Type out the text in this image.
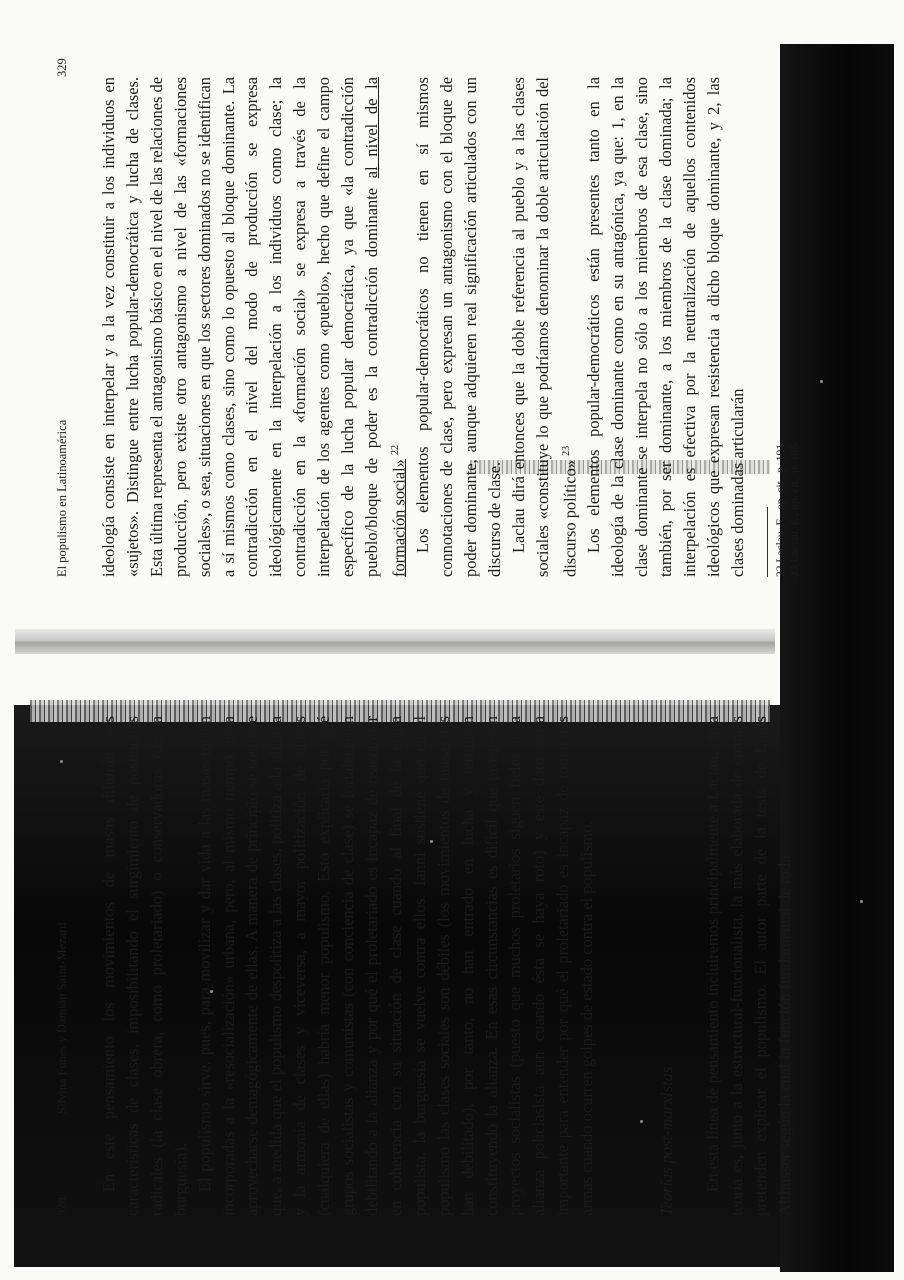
328
Silvina Funes y Damián Saint-Mezard En este pensamiento los movimientos de masas diluirán sus características de clases, imposibilitando el surgimiento de posiciones radicales (la clase obrera, como proletariado) o conservadoras (de la burguesía). El populismo sirve, pues, para movilizar y dar vida a las masas recién incorporadas a la «resocialización» urbana, pero, al mismo tiempo, para aprovecharse demagógicamente de ellas. A manera de principio se sostiene que, a medida que el populismo despolitiza a las clases, politiza a la alianza y la armonía de clases y viceversa, a mayor politización de clases (cualquiera de ellas) habría menor populismo. Esto explicaría por qué grupos socialistas y comunistas (con conciencia de clase) se fortalecerían debilitando a la alianza y por qué el proletariado es incapaz de reaccionar en coherencia con su situación de clase cuando al final de la etapa populista, la burguesía se vuelve contra ellos. Ianni sostiene que en el populismo las clases sociales son débiles (los movimientos de masas las han debilitado), por tanto, no han entrado en lucha y terminan constituyendo la alianza. En esas circunstancias es difícil que prosperen proyectos socialistas (puesto que muchos proletarios siguen fieles a la alianza policlasista aun cuando ésta se haya roto) y este dato sería importante para entender por qué el proletariado es incapaz de tomar las armas cuando ocurren golpes de estado contra el populismo.	Teorías post-marxistas En esta línea de pensamiento incluiremos principalmente a Laclau, cuya teoría es, junto a la estructural-funcionalista, la más elaborada de cuantas pretenden explicar el populismo. El autor parte de la tesis de Louis Althusser según la cual la función fundamental de toda

El populismo en Latinoamérica
329

ideología consiste en interpelar y a la vez constituir a los individuos en «sujetos». Distingue entre lucha popular-democrática y lucha de clases. Esta última representa el antagonismo básico en el nivel de las relaciones de producción, pero existe otro antagonismo a nivel de las «formaciones sociales», o sea, situaciones en que los sectores dominados no se identifican a sí mismos como clases, sino como lo opuesto al bloque dominante. La contradicción en el nivel del modo de producción se expresa ideológicamente en la interpelación a los individuos como clase; la contradicción en la «formación social» se expresa a través de la interpelación de los agentes como «pueblo», hecho que define el campo específico de la lucha popular democrática, ya que «la contradicción pueblo/bloque de poder es la contradicción dominante al nivel de la formación social» $^{22}$ Los elementos popular-democráticos no tienen en sí mismos connotaciones de clase, pero expresan un antagonismo con el bloque de poder dominante, aunque adquieren real significación articulados con un discurso de clase. Laclau dirá entonces que la doble referencia al pueblo y a las clases sociales «constituye lo que podríamos denominar la doble articulación del discurso político» $^{23}$ Los elementos popular-democráticos están presentes tanto en la ideología de la clase dominante como en su antagónica, ya que: 1, en la clase dominante se interpela no sólo a los miembros de esa clase, sino también, por ser dominante, a los miembros de la clase dominada; la interpelación es efectiva por la neutralización de aquellos contenidos ideológicos que expresan resistencia a dicho bloque dominante, y 2, las clases dominadas articularán	22 Laclau, E., op. cit., p. 191. 23 Laclau, E., op. cit., p. 195.
